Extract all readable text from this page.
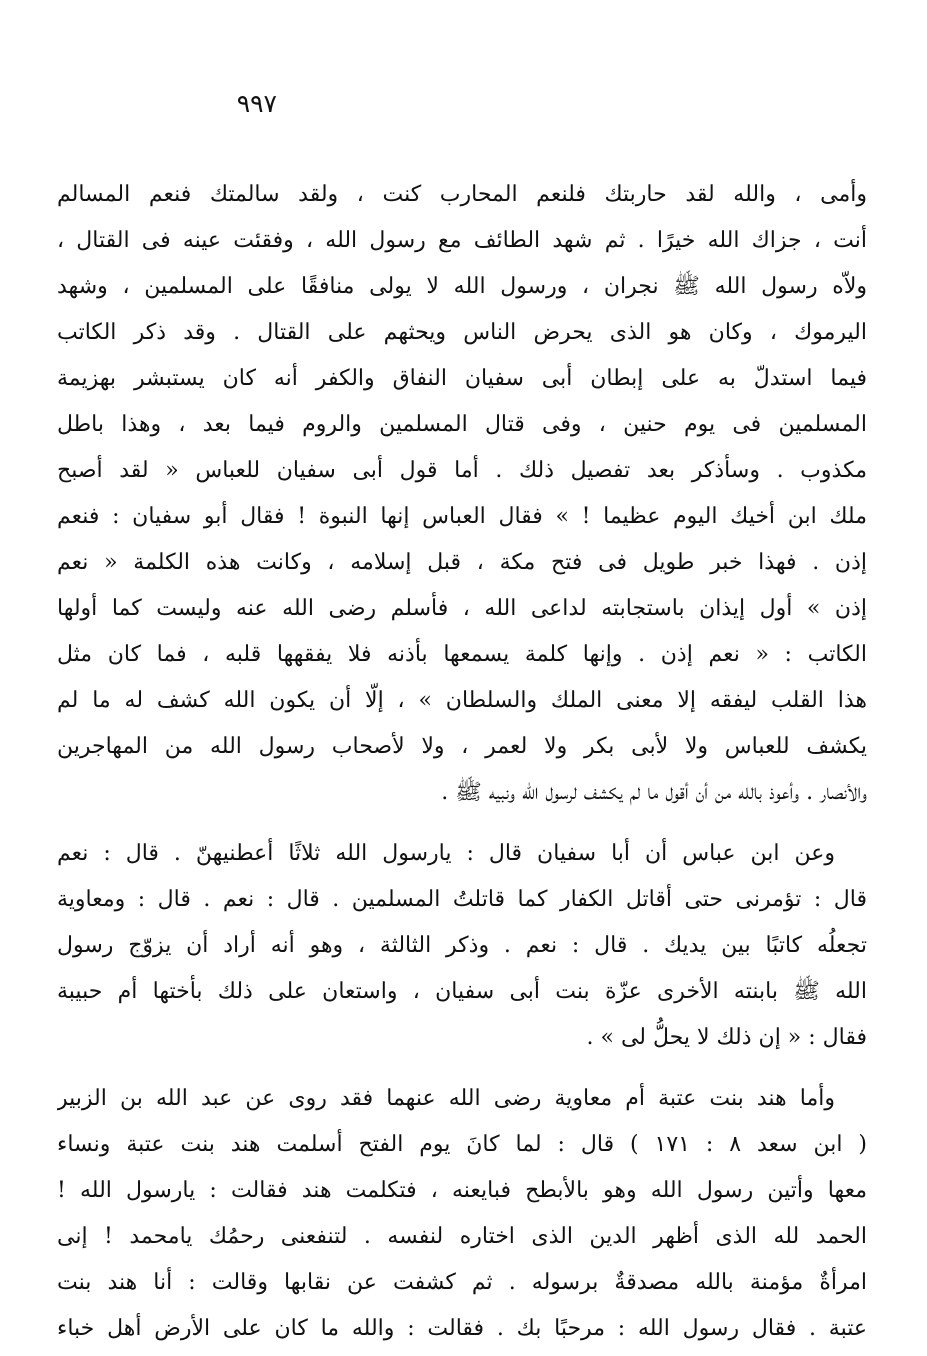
٩٩٧

وأمى ، والله لقد حاربتك فلنعم المحارب كنت ، ولقد سالمتك فنعم المسالم
أنت ، جزاك الله خيرًا . ثم شهد الطائف مع رسول الله ، وفقئت عينه فى القتال ،
ولاّه رسول الله ﷺ نجران ، ورسول الله لا يولى منافقًا على المسلمين ، وشهد
اليرموك ، وكان هو الذى يحرض الناس ويحثهم على القتال . وقد ذكر الكاتب
فيما استدلّ به على إبطان أبى سفيان النفاق والكفر أنه كان يستبشر بهزيمة
المسلمين فى يوم حنين ، وفى قتال المسلمين والروم فيما بعد ، وهذا باطل
مكذوب . وسأذكر بعد تفصيل ذلك . أما قول أبى سفيان للعباس « لقد أصبح
ملك ابن أخيك اليوم عظيما ! » فقال العباس إنها النبوة ! فقال أبو سفيان : فنعم
إذن . فهذا خبر طويل فى فتح مكة ، قبل إسلامه ، وكانت هذه الكلمة « نعم
إذن » أول إيذان باستجابته لداعى الله ، فأسلم رضى الله عنه وليست كما أولها
الكاتب : « نعم إذن . وإنها كلمة يسمعها بأذنه فلا يفقهها قلبه ، فما كان مثل
هذا القلب ليفقه إلا معنى الملك والسلطان » ، إلّا أن يكون الله كشف له ما لم
يكشف للعباس ولا لأبى بكر ولا لعمر ، ولا لأصحاب رسول الله من المهاجرين
والأنصار . وأعوذ بالله من أن أقول ما لم يكشف لرسول الله ونبيه ﷺ .

وعن ابن عباس أن أبا سفيان قال : يارسول الله ثلاثًا أعطنيهنّ . قال : نعم
قال : تؤمرنى حتى أقاتل الكفار كما قاتلتُ المسلمين . قال : نعم . قال : ومعاوية
تجعلُه كاتبًا بين يديك . قال : نعم . وذكر الثالثة ، وهو أنه أراد أن يزوّج رسول
الله ﷺ بابنته الأخرى عزّة بنت أبى سفيان ، واستعان على ذلك بأختها أم حبيبة
فقال : « إن ذلك لا يحلُّ لى » .

وأما هند بنت عتبة أم معاوية رضى الله عنهما فقد روى عن عبد الله بن الزبير
( ابن سعد ٨ : ١٧١ ) قال : لما كانَ يوم الفتح أسلمت هند بنت عتبة ونساء
معها وأتين رسول الله وهو بالأبطح فبايعنه ، فتكلمت هند فقالت : يارسول الله !
الحمد لله الذى أظهر الدين الذى اختاره لنفسه . لتنفعنى رحمُك يامحمد ! إنى
امرأةٌ مؤمنة بالله مصدقةٌ برسوله . ثم كشفت عن نقابها وقالت : أنا هند بنت
عتبة . فقال رسول الله : مرحبًا بك . فقالت : والله ما كان على الأرض أهل خباء
